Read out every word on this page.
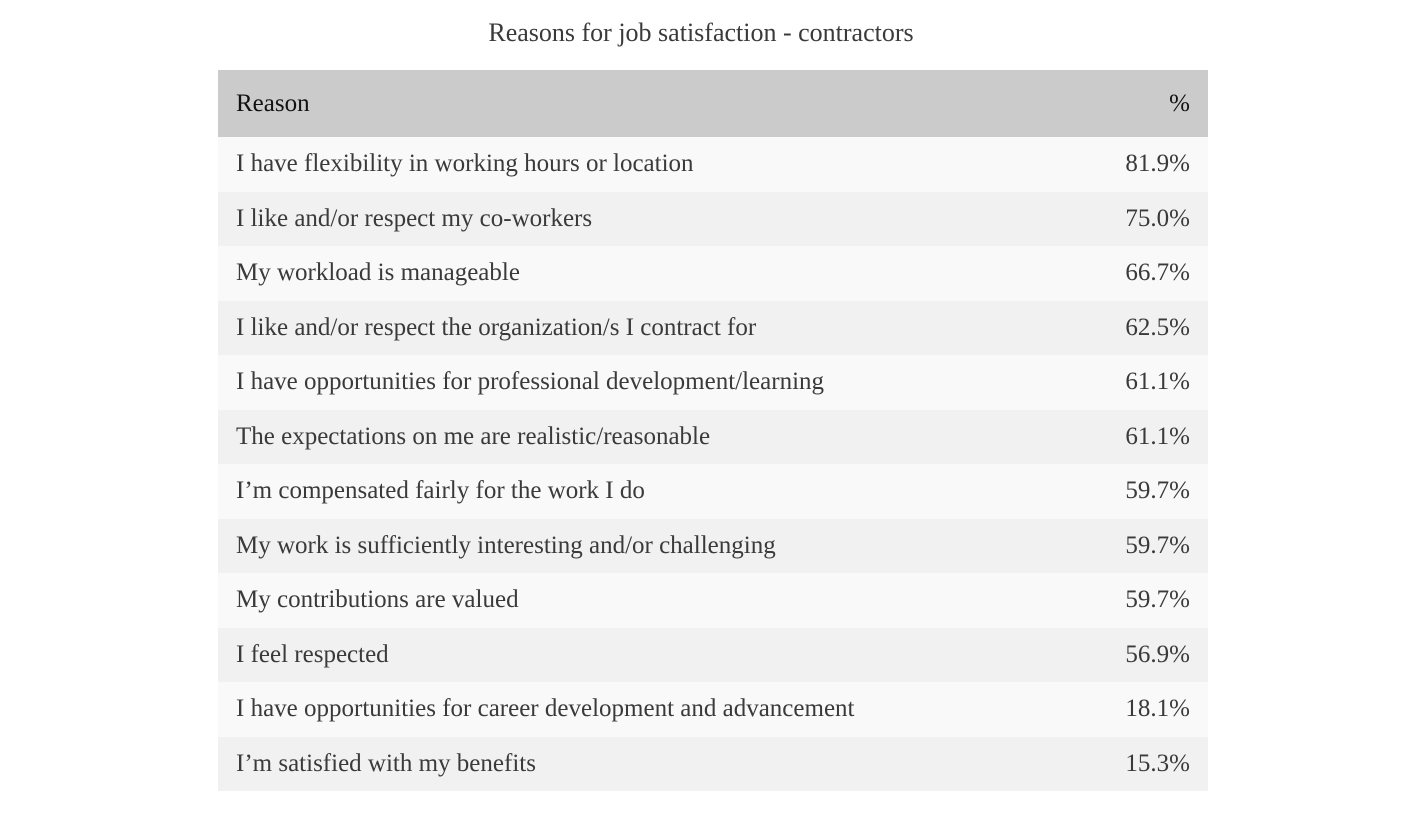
Reasons for job satisfaction - contractors
Reason	%
I have flexibility in working hours or location	81.9%
I like and/or respect my co-workers	75.0%
My workload is manageable	66.7%
I like and/or respect the organization/s I contract for	62.5%
I have opportunities for professional development/learning	61.1%
The expectations on me are realistic/reasonable	61.1%
I’m compensated fairly for the work I do	59.7%
My work is sufficiently interesting and/or challenging	59.7%
My contributions are valued	59.7%
I feel respected	56.9%
I have opportunities for career development and advancement	18.1%
I’m satisfied with my benefits	15.3%
